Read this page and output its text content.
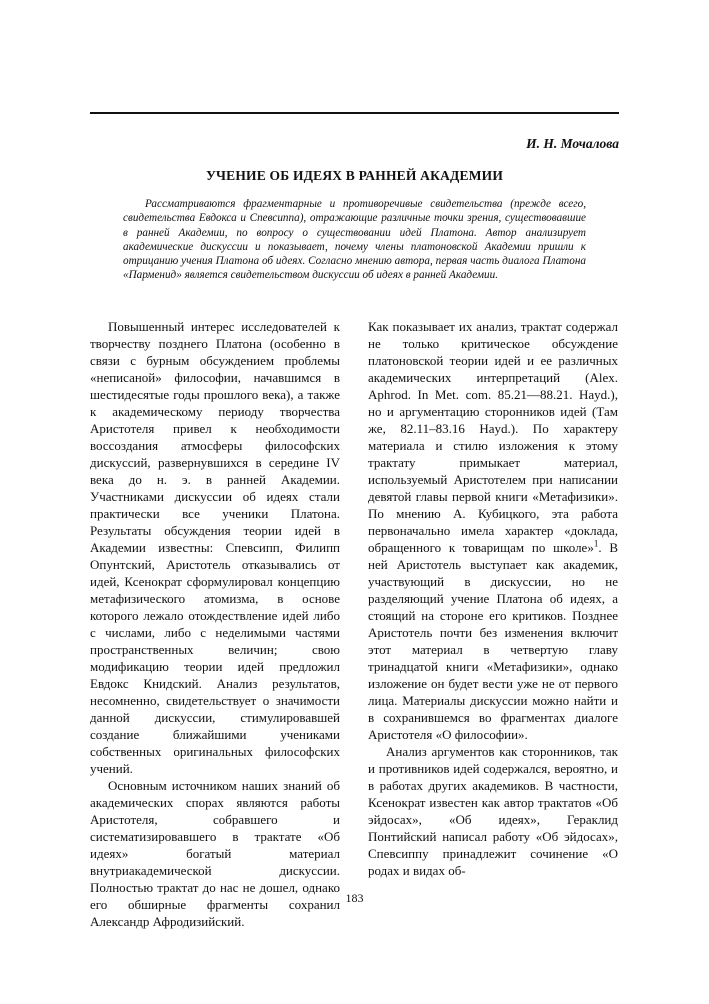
И. Н. Мочалова
УЧЕНИЕ ОБ ИДЕЯХ В РАННЕЙ АКАДЕМИИ
Рассматриваются фрагментарные и противоречивые свидетельства (прежде всего, свидетельства Евдокса и Спевсиппа), отражающие различные точки зрения, существовавшие в ранней Академии, по вопросу о существовании идей Платона. Автор анализирует академические дискуссии и показывает, почему члены платоновской Академии пришли к отрицанию учения Платона об идеях. Согласно мнению автора, первая часть диалога Платона «Парменид» является свидетельством дискуссии об идеях в ранней Академии.

Повышенный интерес исследователей к творчеству позднего Платона (особенно в связи с бурным обсуждением проблемы «неписаной» философии, начавшимся в шестидесятые годы прошлого века), а также к академическому периоду творчества Аристотеля привел к необходимости воссоздания атмосферы философских дискуссий, развернувшихся в середине IV века до н. э. в ранней Академии. Участниками дискуссии об идеях стали практически все ученики Платона. Результаты обсуждения теории идей в Академии известны: Спевсипп, Филипп Опунтский, Аристотель отказывались от идей, Ксенократ сформулировал концепцию метафизического атомизма, в основе которого лежало отождествление идей либо с числами, либо с неделимыми частями пространственных величин; свою модификацию теории идей предложил Евдокс Книдский. Анализ результатов, несомненно, свидетельствует о значимости данной дискуссии, стимулировавшей создание ближайшими учениками собственных оригинальных философских учений.

Основным источником наших знаний об академических спорах являются работы Аристотеля, собравшего и систематизировавшего в трактате «Об идеях» богатый материал внутриакадемической дискуссии. Полностью трактат до нас не дошел, однако его обширные фрагменты сохранил Александр Афродизийский.

Как показывает их анализ, трактат содержал не только критическое обсуждение платоновской теории идей и ее различных академических интерпретаций (Alex. Aphrod. In Met. com. 85.21—88.21. Hayd.), но и аргументацию сторонников идей (Там же, 82.11–83.16 Hayd.). По характеру материала и стилю изложения к этому трактату примыкает материал, используемый Аристотелем при написании девятой главы первой книги «Метафизики». По мнению А. Кубицкого, эта работа первоначально имела характер «доклада, обращенного к товарищам по школе»$^1$. В ней Аристотель выступает как академик, участвующий в дискуссии, но не разделяющий учение Платона об идеях, а стоящий на стороне его критиков. Позднее Аристотель почти без изменения включит этот материал в четвертую главу тринадцатой книги «Метафизики», однако изложение он будет вести уже не от первого лица. Материалы дискуссии можно найти и в сохранившемся во фрагментах диалоге Аристотеля «О философии».

Анализ аргументов как сторонников, так и противников идей содержался, вероятно, и в работах других академиков. В частности, Ксенократ известен как автор трактатов «Об эйдосах», «Об идеях», Гераклид Понтийский написал работу «Об эйдосах», Спевсиппу принадлежит сочинение «О родах и видах об-

183
